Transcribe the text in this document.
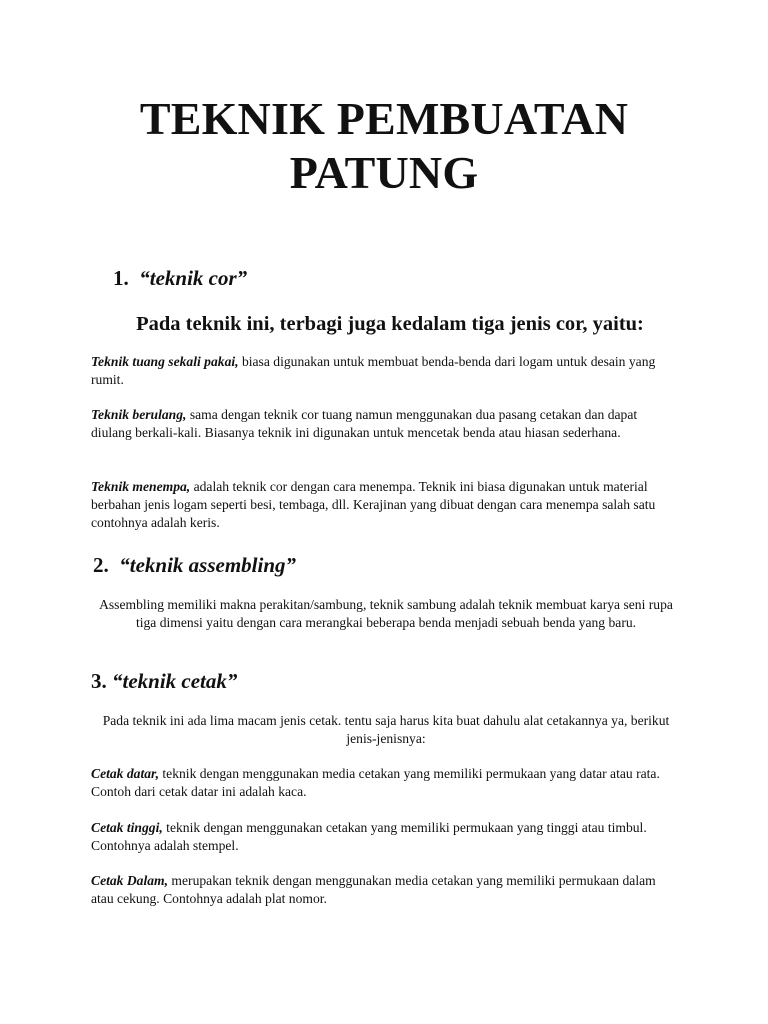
TEKNIK PEMBUATAN
PATUNG
1. “teknik cor”

Pada teknik ini, terbagi juga kedalam tiga jenis cor, yaitu:

Teknik tuang sekali pakai, biasa digunakan untuk membuat benda-benda dari logam untuk desain yang rumit.

Teknik berulang, sama dengan teknik cor tuang namun menggunakan dua pasang cetakan dan dapat diulang berkali-kali. Biasanya teknik ini digunakan untuk mencetak benda atau hiasan sederhana.

Teknik menempa, adalah teknik cor dengan cara menempa. Teknik ini biasa digunakan untuk material berbahan jenis logam seperti besi, tembaga, dll. Kerajinan yang dibuat dengan cara menempa salah satu contohnya adalah keris.

2. “teknik assembling”

Assembling memiliki makna perakitan/sambung, teknik sambung adalah teknik membuat karya seni rupa tiga dimensi yaitu dengan cara merangkai beberapa benda menjadi sebuah benda yang baru.

3. “teknik cetak”

Pada teknik ini ada lima macam jenis cetak. tentu saja harus kita buat dahulu alat cetakannya ya, berikut jenis-jenisnya:

Cetak datar, teknik dengan menggunakan media cetakan yang memiliki permukaan yang datar atau rata. Contoh dari cetak datar ini adalah kaca.

Cetak tinggi, teknik dengan menggunakan cetakan yang memiliki permukaan yang tinggi atau timbul. Contohnya adalah stempel.

Cetak Dalam, merupakan teknik dengan menggunakan media cetakan yang memiliki permukaan dalam atau cekung. Contohnya adalah plat nomor.
